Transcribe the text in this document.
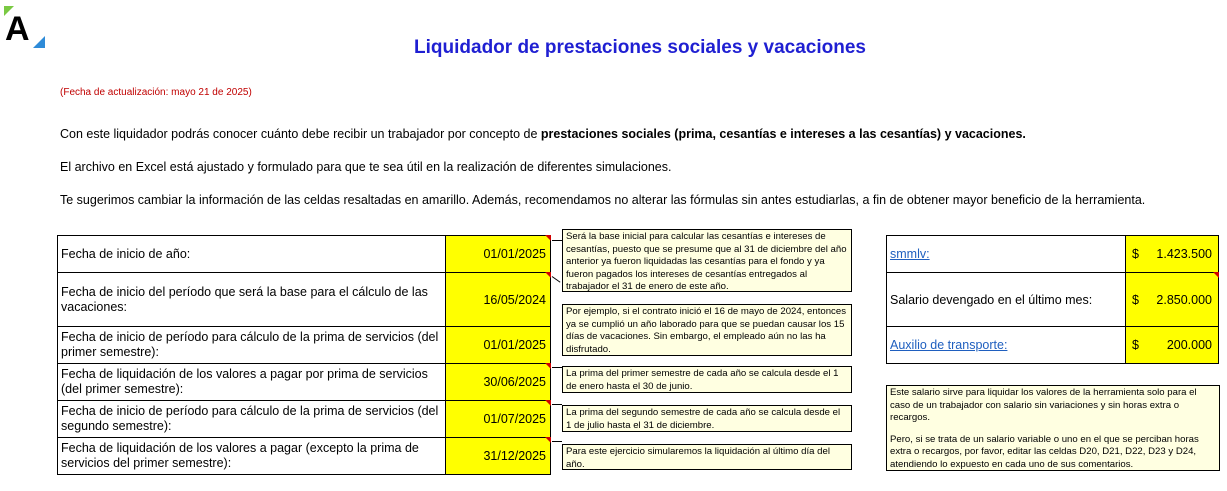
A	Liquidador de prestaciones sociales y vacaciones
(Fecha de actualización: mayo 21 de 2025)
Con este liquidador podrás conocer cuánto debe recibir un trabajador por concepto de prestaciones sociales (prima, cesantías e intereses a las cesantías) y vacaciones.
El archivo en Excel está ajustado y formulado para que te sea útil en la realización de diferentes simulaciones.
Te sugerimos cambiar la información de las celdas resaltadas en amarillo. Además, recomendamos no alterar las fórmulas sin antes estudiarlas, a fin de obtener mayor beneficio de la herramienta.
Fecha de inicio de año:	01/01/2025

Fecha de inicio del período que será la base para el cálculo de las vacaciones:	16/05/2024

Fecha de inicio de período para cálculo de la prima de servicios (del primer semestre):	01/01/2025
Fecha de liquidación de los valores a pagar por prima de servicios (del primer semestre):	30/06/2025

Fecha de inicio de período para cálculo de la prima de servicios (del segundo semestre):	01/07/2025

Fecha de liquidación de los valores a pagar (excepto la prima de servicios del primer semestre):	31/12/2025
smmlv:	$ 1.423.500

Salario devengado en el último mes:	$ 2.850.000

Auxilio de transporte:	$ 200.000
Será la base inicial para calcular las cesantías e intereses de cesantías, puesto que se presume que al 31 de diciembre del año anterior ya fueron liquidadas las cesantías para el fondo y ya fueron pagados los intereses de cesantías entregados al trabajador el 31 de enero de este año.
Por ejemplo, si el contrato inició el 16 de mayo de 2024, entonces ya se cumplió un año laborado para que se puedan causar los 15 días de vacaciones. Sin embargo, el empleado aún no las ha disfrutado.
La prima del primer semestre de cada año se calcula desde el 1 de enero hasta el 30 de junio.
La prima del segundo semestre de cada año se calcula desde el 1 de julio hasta el 31 de diciembre.
Para este ejercicio simularemos la liquidación al último día del año.

Este salario sirve para liquidar los valores de la herramienta solo para el caso de un trabajador con salario sin variaciones y sin horas extra o recargos.

Pero, si se trata de un salario variable o uno en el que se perciban horas extra o recargos, por favor, editar las celdas D20, D21, D22, D23 y D24, atendiendo lo expuesto en cada uno de sus comentarios.
